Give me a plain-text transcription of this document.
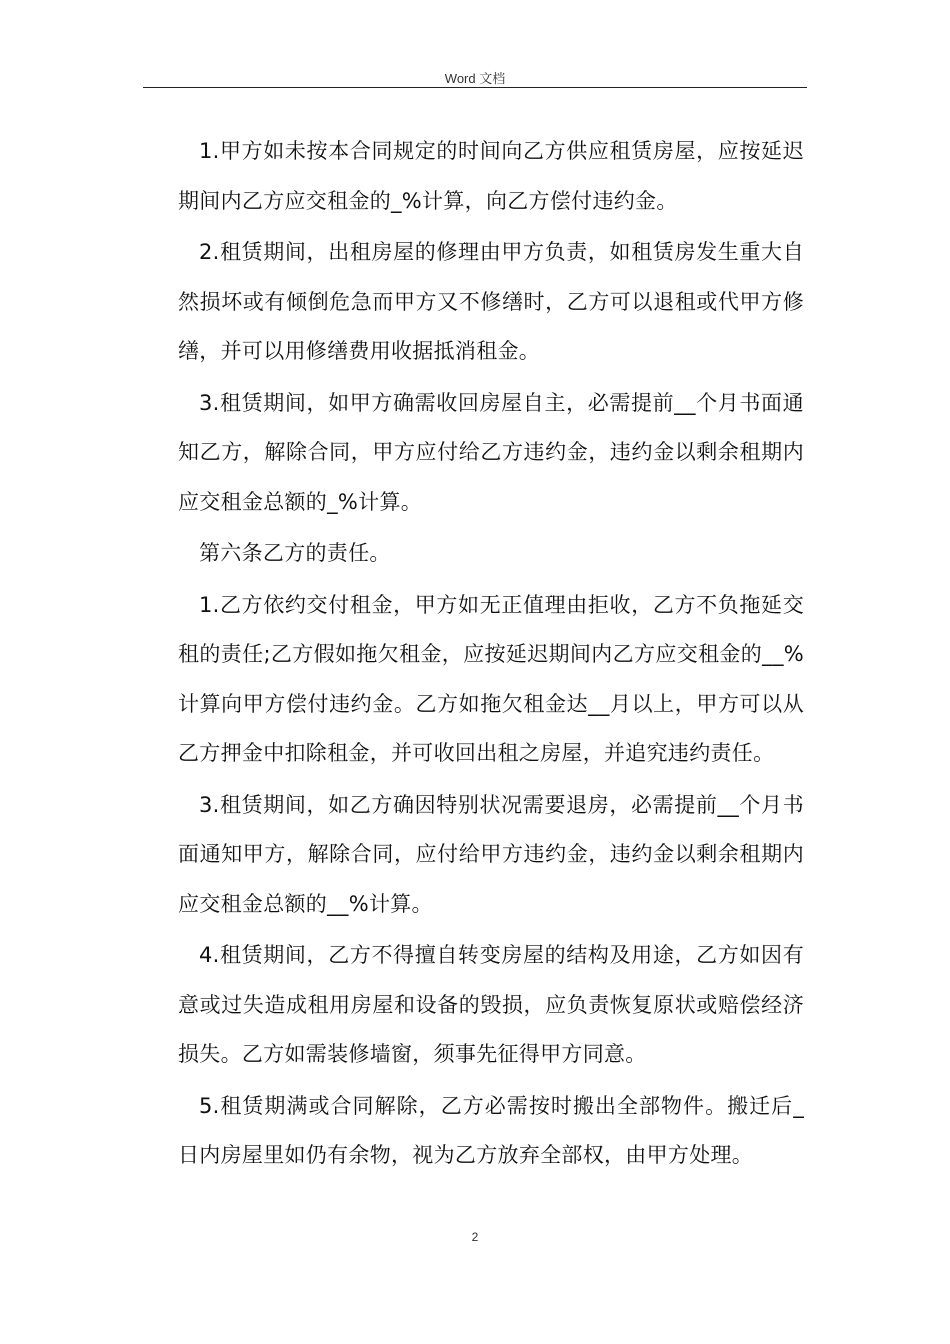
Word 文档

1.甲方如未按本合同规定的时间向乙方供应租赁房屋，应按延迟期间内乙方应交租金的_%计算，向乙方偿付违约金。

2.租赁期间，出租房屋的修理由甲方负责，如租赁房发生重大自然损坏或有倾倒危急而甲方又不修缮时，乙方可以退租或代甲方修缮，并可以用修缮费用收据抵消租金。

3.租赁期间，如甲方确需收回房屋自主，必需提前__个月书面通知乙方，解除合同，甲方应付给乙方违约金，违约金以剩余租期内应交租金总额的_%计算。

第六条乙方的责任。

1.乙方依约交付租金，甲方如无正值理由拒收，乙方不负拖延交租的责任;乙方假如拖欠租金，应按延迟期间内乙方应交租金的__%计算向甲方偿付违约金。乙方如拖欠租金达__月以上，甲方可以从乙方押金中扣除租金，并可收回出租之房屋，并追究违约责任。

3.租赁期间，如乙方确因特别状况需要退房，必需提前__个月书面通知甲方，解除合同，应付给甲方违约金，违约金以剩余租期内应交租金总额的__%计算。

4.租赁期间，乙方不得擅自转变房屋的结构及用途，乙方如因有意或过失造成租用房屋和设备的毁损，应负责恢复原状或赔偿经济损失。乙方如需装修墙窗，须事先征得甲方同意。

5.租赁期满或合同解除，乙方必需按时搬出全部物件。搬迁后_日内房屋里如仍有余物，视为乙方放弃全部权，由甲方处理。

2
